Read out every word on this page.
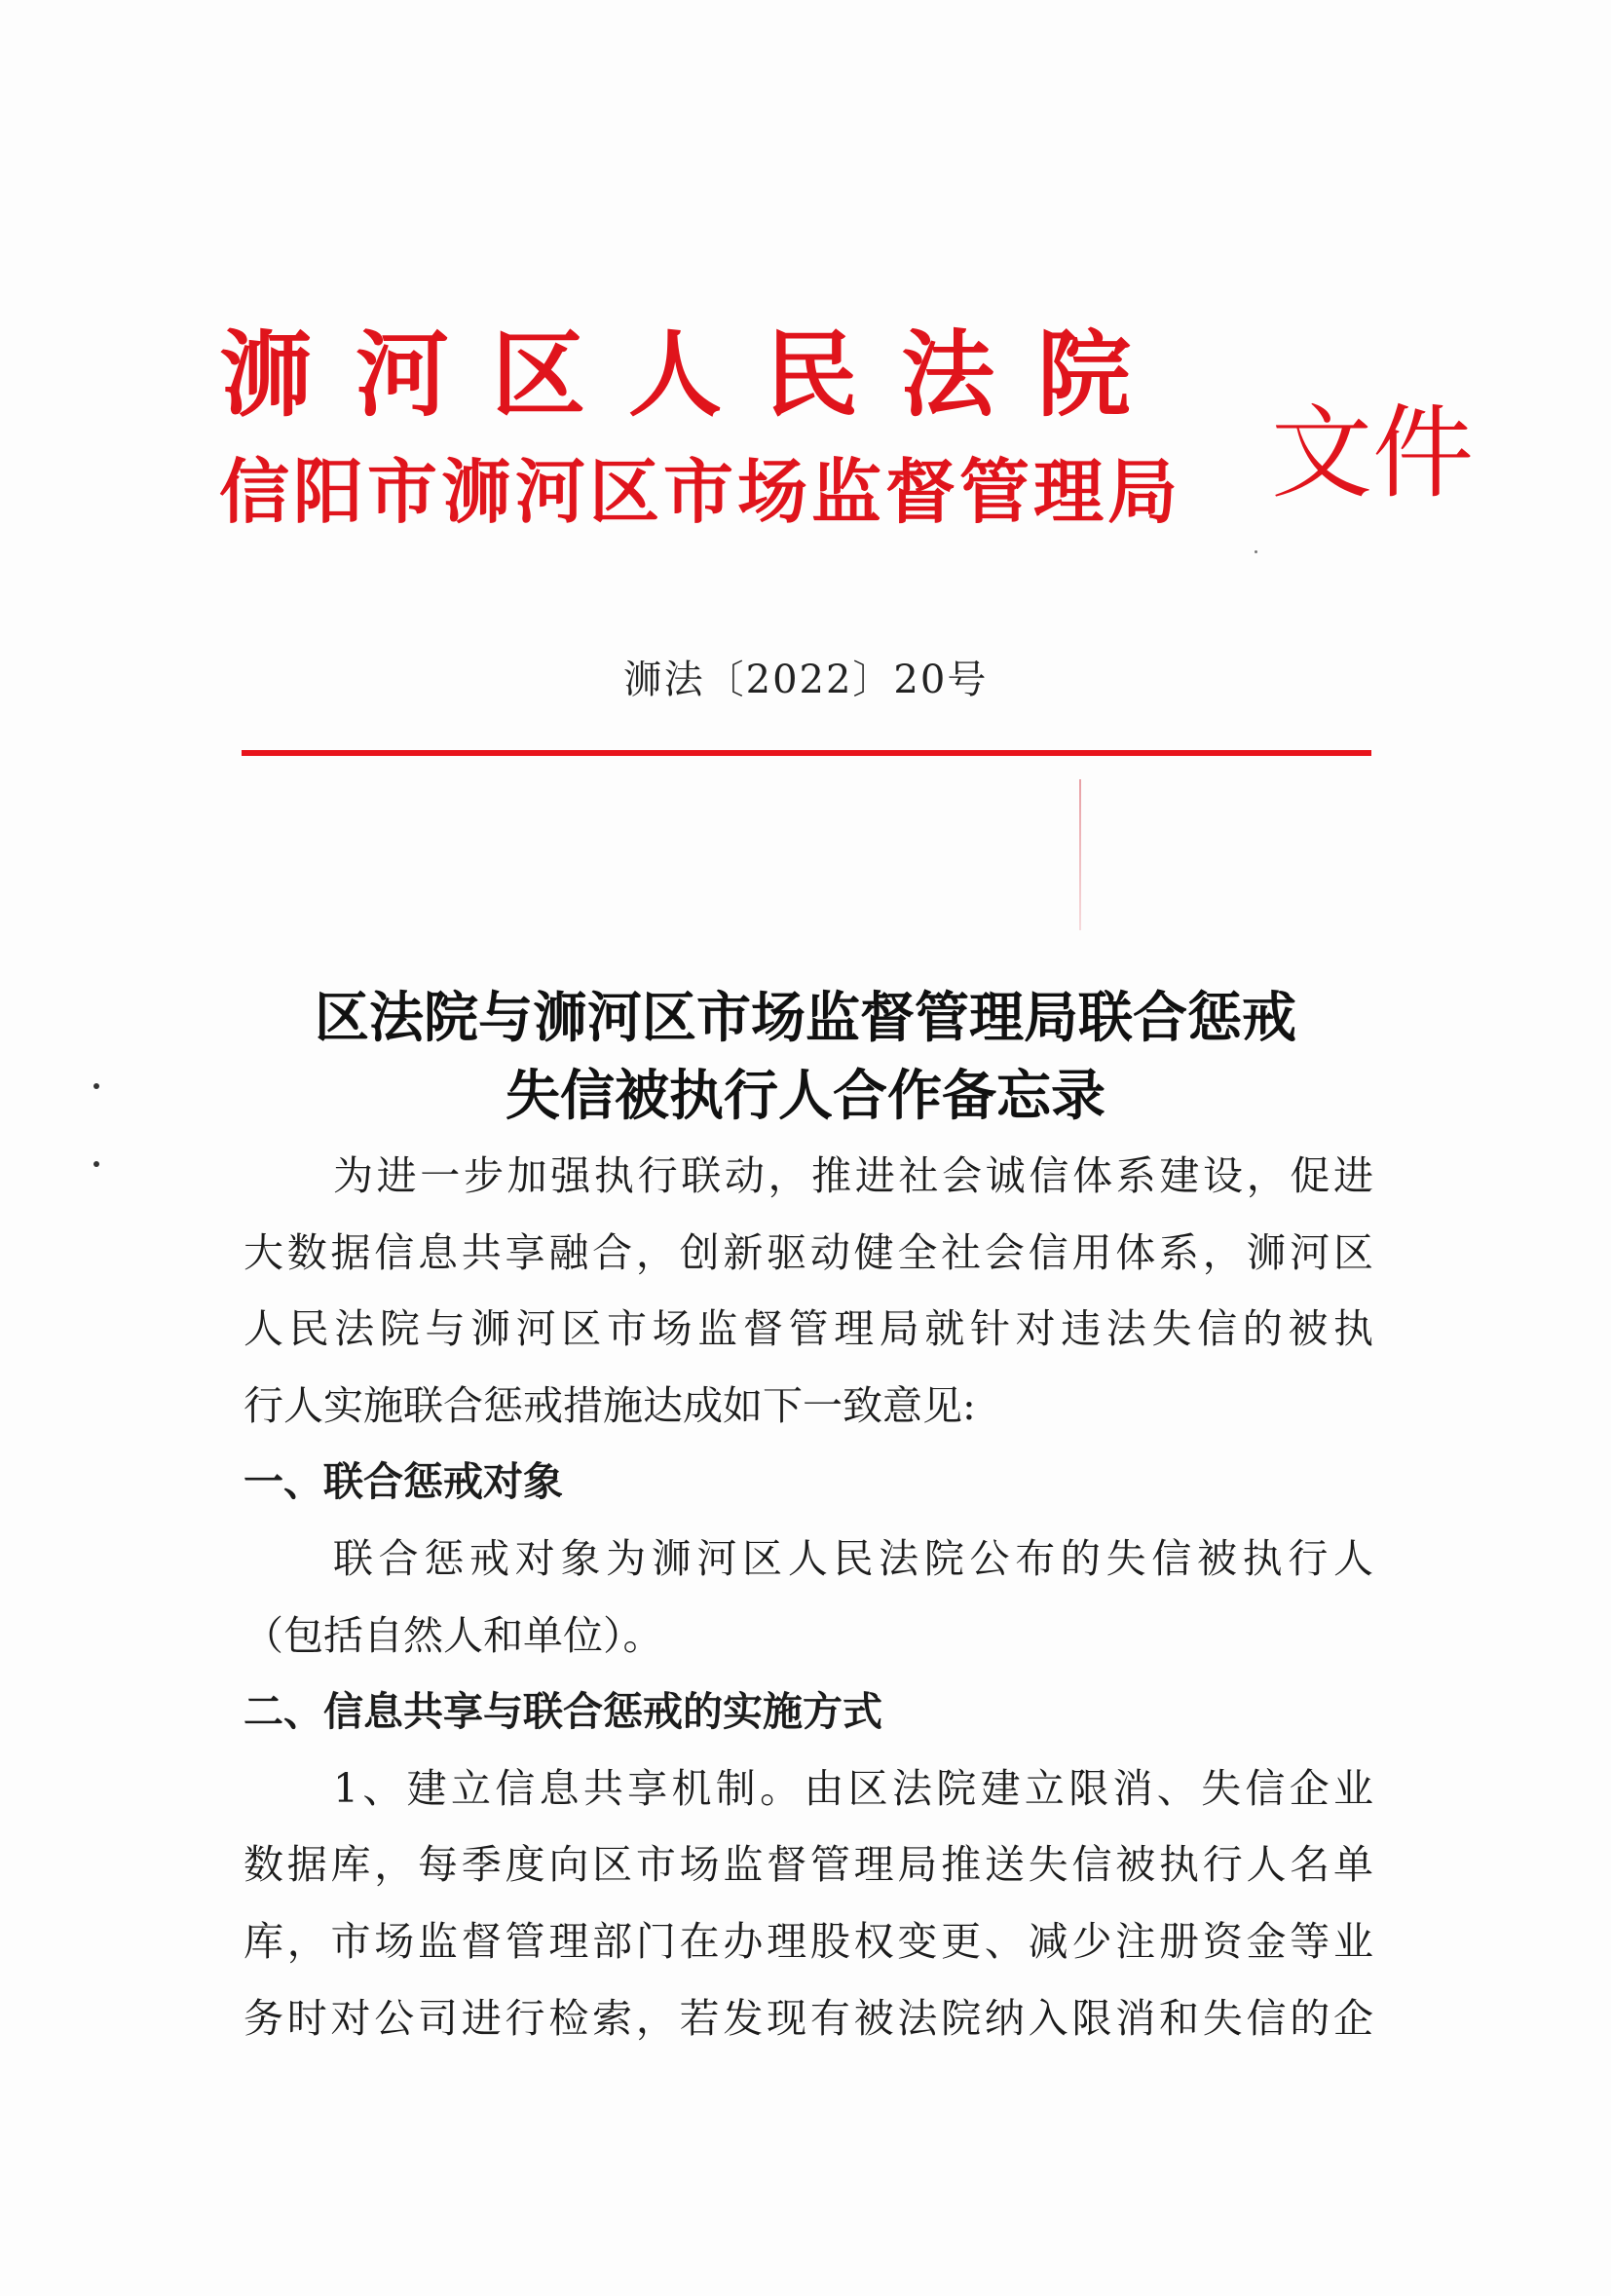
浉河区人民法院
信阳市浉河区市场监督管理局 文件
浉法〔2022〕20号
区法院与浉河区市场监督管理局联合惩戒
失信被执行人合作备忘录
为进一步加强执行联动，推进社会诚信体系建设，促进
大数据信息共享融合，创新驱动健全社会信用体系，浉河区
人民法院与浉河区市场监督管理局就针对违法失信的被执
行人实施联合惩戒措施达成如下一致意见:
一、联合惩戒对象
联合惩戒对象为浉河区人民法院公布的失信被执行人
（包括自然人和单位）。
二、信息共享与联合惩戒的实施方式
1、建立信息共享机制。由区法院建立限消、失信企业
数据库，每季度向区市场监督管理局推送失信被执行人名单
库，市场监督管理部门在办理股权变更、减少注册资金等业
务时对公司进行检索，若发现有被法院纳入限消和失信的企
